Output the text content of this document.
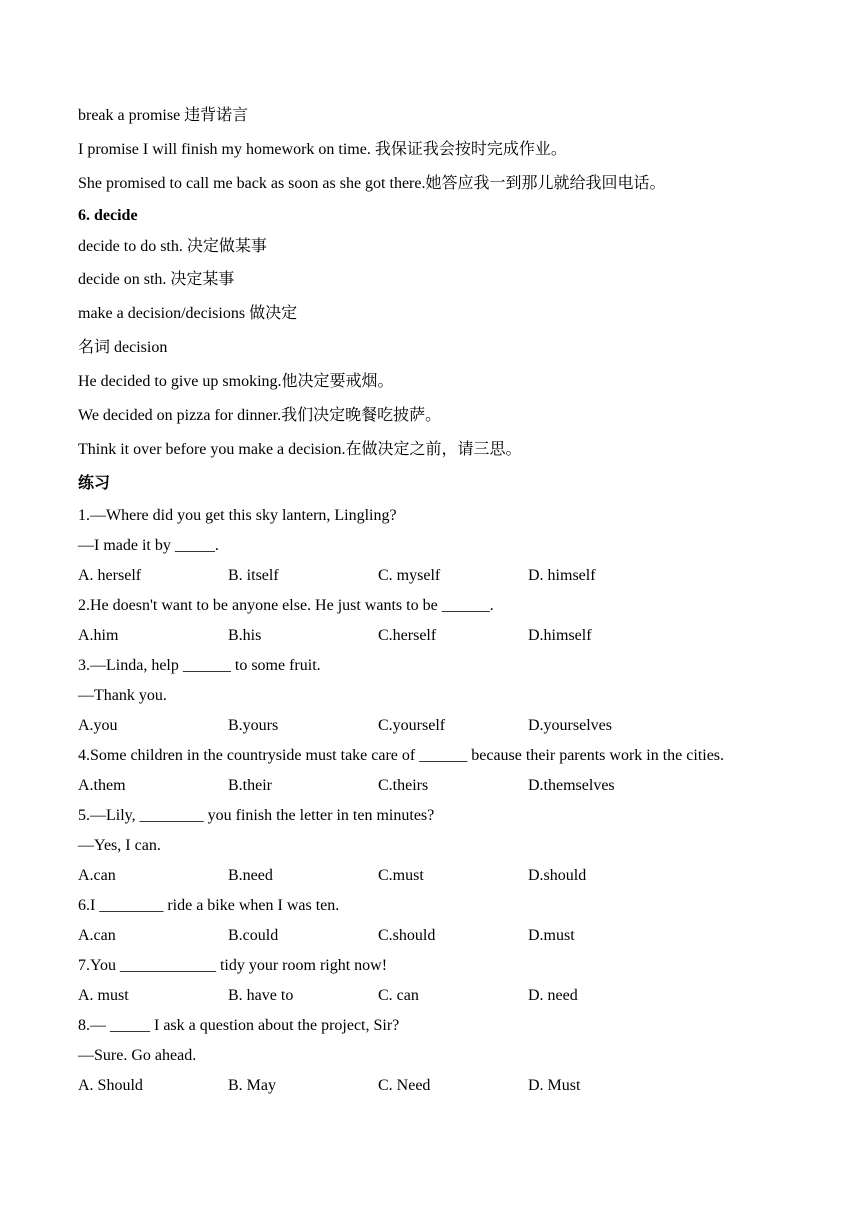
break a promise 违背诺言
I promise I will finish my homework on time. 我保证我会按时完成作业。
She promised to call me back as soon as she got there.她答应我一到那儿就给我回电话。
6. decide
decide to do sth. 决定做某事
decide on sth. 决定某事
make a decision/decisions 做决定
名词 decision
He decided to give up smoking.他决定要戒烟。
We decided on pizza for dinner.我们决定晚餐吃披萨。
Think it over before you make a decision.在做决定之前，请三思。
练习
1.—Where did you get this sky lantern, Lingling?
—I made it by _____.
A. herself	B. itself	C. myself	D. himself
2.He doesn't want to be anyone else. He just wants to be ______.
A.him	B.his	C.herself	D.himself
3.—Linda, help ______ to some fruit.
—Thank you.
A.you	B.yours	C.yourself	D.yourselves
4.Some children in the countryside must take care of ______ because their parents work in the cities.
A.them	B.their	C.theirs	D.themselves
5.—Lily, ________ you finish the letter in ten minutes?
—Yes, I can.
A.can	B.need	C.must	D.should
6.I ________ ride a bike when I was ten.
A.can	B.could	C.should	D.must
7.You ____________ tidy your room right now!
A. must	B. have to	C. can	D. need
8.— _____ I ask a question about the project, Sir?
—Sure. Go ahead.
A. Should	B. May	C. Need	D. Must
